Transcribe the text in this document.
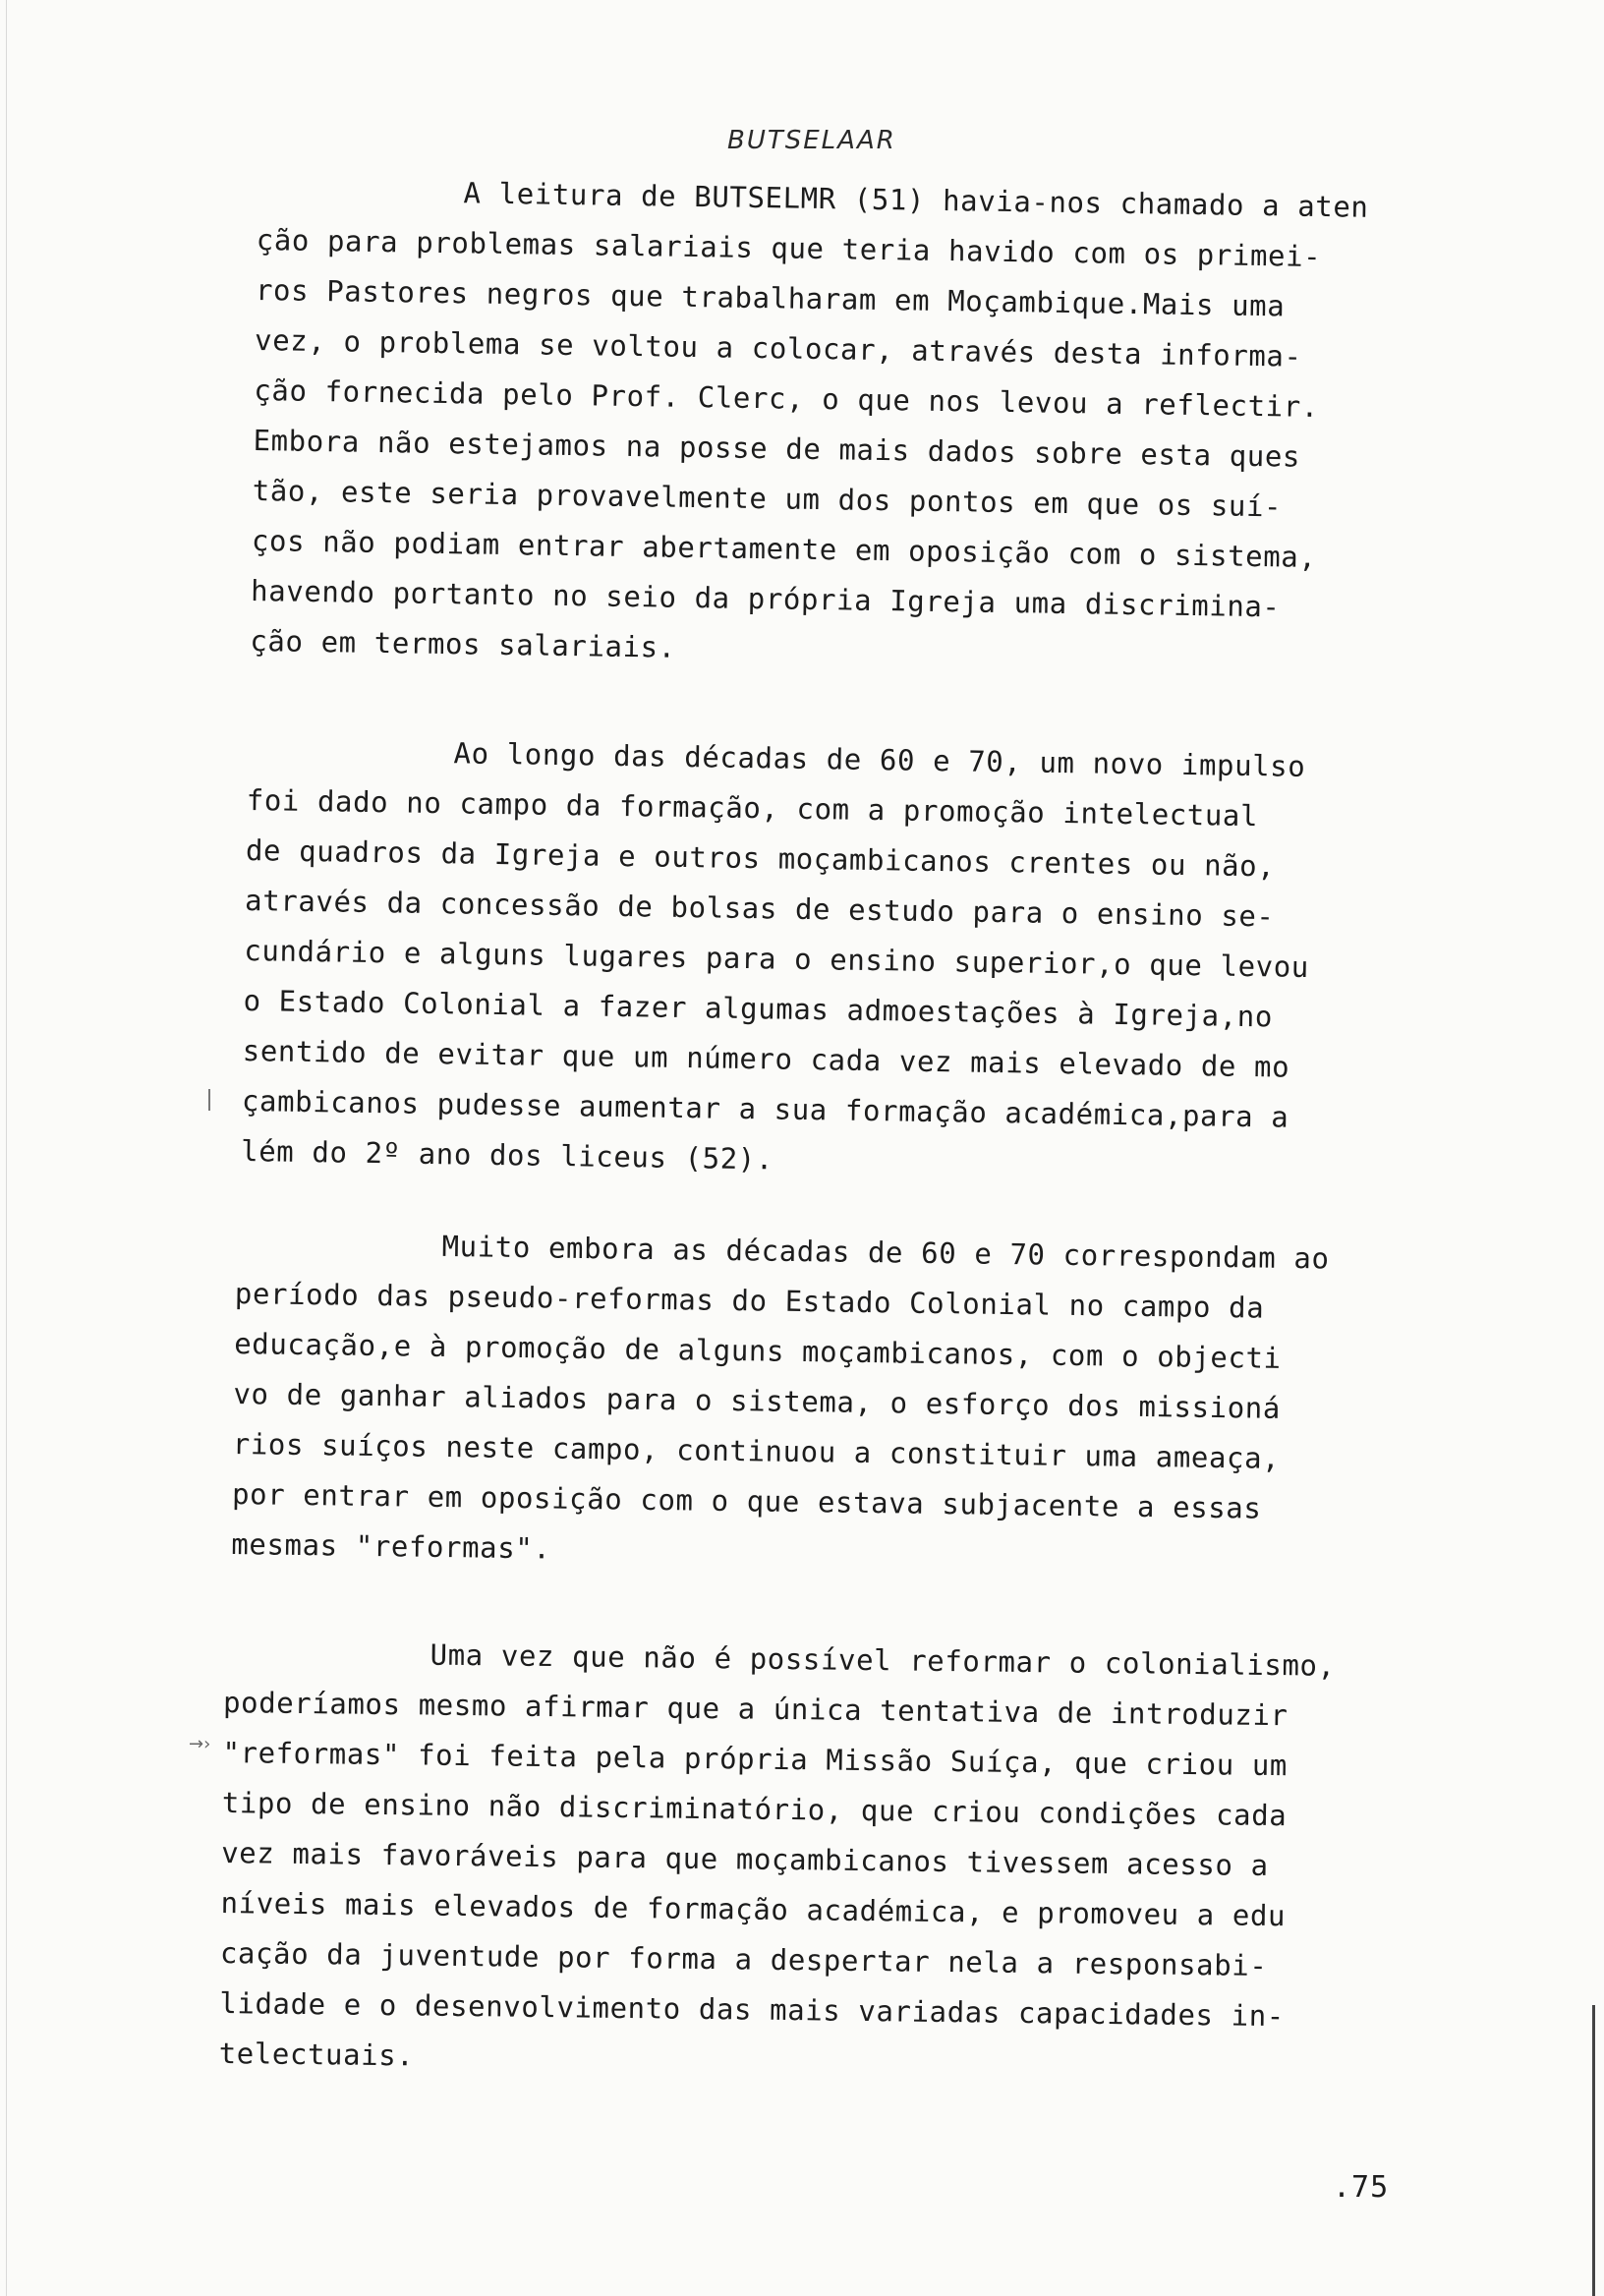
→›
BUTSELAAR
A leitura de BUTSELMR (51) havia-nos chamado a aten
ção para problemas salariais que teria havido com os primei-
ros Pastores negros que trabalharam em Moçambique.Mais uma
vez, o problema se voltou a colocar, através desta informa-
ção fornecida pelo Prof. Clerc, o que nos levou a reflectir.
Embora não estejamos na posse de mais dados sobre esta ques
tão, este seria provavelmente um dos pontos em que os suí-
ços não podiam entrar abertamente em oposição com o sistema,
havendo portanto no seio da própria Igreja uma discrimina-
ção em termos salariais.
Ao longo das décadas de 60 e 70, um novo impulso
foi dado no campo da formação, com a promoção intelectual
de quadros da Igreja e outros moçambicanos crentes ou não,
através da concessão de bolsas de estudo para o ensino se-
cundário e alguns lugares para o ensino superior,o que levou
o Estado Colonial a fazer algumas admoestações à Igreja,no
sentido de evitar que um número cada vez mais elevado de mo
çambicanos pudesse aumentar a sua formação académica,para a
lém do 2º ano dos liceus (52).
Muito embora as décadas de 60 e 70 correspondam ao
período das pseudo-reformas do Estado Colonial no campo da
educação,e à promoção de alguns moçambicanos, com o objecti
vo de ganhar aliados para o sistema, o esforço dos missioná
rios suíços neste campo, continuou a constituir uma ameaça,
por entrar em oposição com o que estava subjacente a essas
mesmas "reformas".
Uma vez que não é possível reformar o colonialismo,
poderíamos mesmo afirmar que a única tentativa de introduzir
"reformas" foi feita pela própria Missão Suíça, que criou um
tipo de ensino não discriminatório, que criou condições cada
vez mais favoráveis para que moçambicanos tivessem acesso a
níveis mais elevados de formação académica, e promoveu a edu
cação da juventude por forma a despertar nela a responsabi-
lidade e o desenvolvimento das mais variadas capacidades in-
telectuais.
.75
